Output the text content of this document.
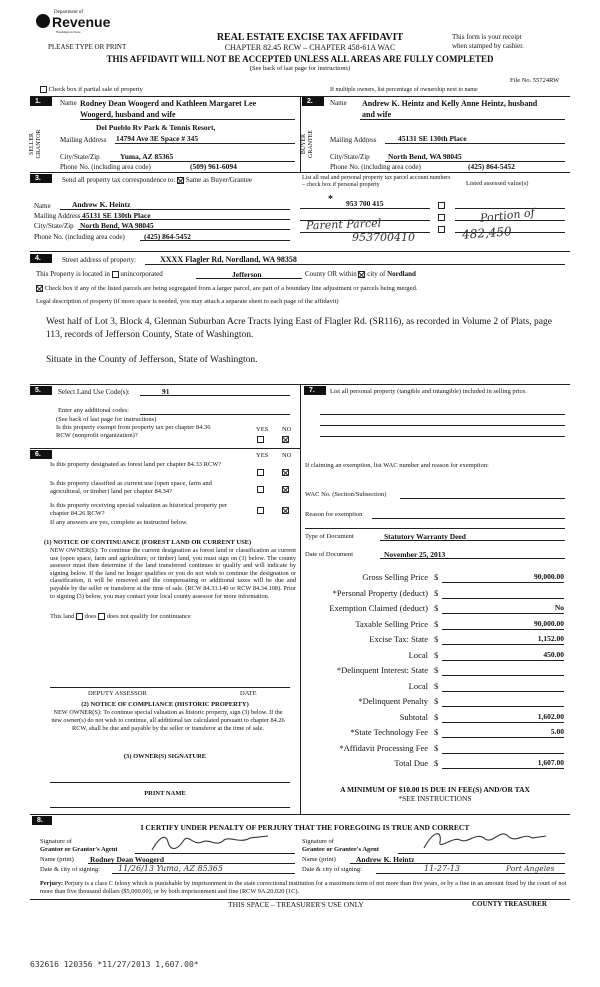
Department of
Revenue
Washington State
PLEASE TYPE OR PRINT
REAL ESTATE EXCISE TAX AFFIDAVIT
CHAPTER 82.45 RCW – CHAPTER 458-61A WAC
This form is your receipt
when stamped by cashier.
THIS AFFIDAVIT WILL NOT BE ACCEPTED UNLESS ALL AREAS ARE FULLY COMPLETED
(See back of last page for instructions)
File No. 55724RW
Check box if partial sale of property	If multiple owners, list percentage of ownership next to name
1.
SELLER GRANTOR
Name Rodney Dean Woogerd and Kathleen Margaret Lee
Woogerd, husband and wife
Del Pueblo Rv Park & Tennis Resort,
Mailing Address 14794 Ave 3E Space # 345
City/State/Zip	Yuma, AZ 85365
Phone No. (including area code)	(509) 961-6094
2.
BUYER GRANTEE
Name Andrew K. Heintz and Kelly Anne Heintz, husband
and wife
Mailing Address	45131 SE 130th Place
City/State/Zip North Bend, WA 98045
Phone No. (including area code)	(425) 864-5452
3.	Send all property tax correspondence to: Same as Buyer/Grantee
Name	Andrew K. Heintz
Mailing Address 45131 SE 130th Place
City/State/Zip North Bend, WA 98045
Phone No. (including area code)	(425) 864-5452
List all real and personal property tax parcel account numbers – check box if personal property	Listed assessed value(s)
* 953 700 415
Parent Parcel
953700410
Portion of
482,450
4.	Street address of property:	XXXX Flagler Rd, Nordland, WA 98358
This Property is located in unincorporated	Jefferson	County OR within city of Nordland
Check box if any of the listed parcels are being segregated from a larger parcel, are part of a boundary line adjustment or parcels being merged.
Legal description of property (if more space is needed, you may attach a separate sheet to each page of the affidavit)
West half of Lot 3, Block 4, Glennan Suburban Acre Tracts lying East of Flagler Rd. (SR116), as recorded in Volume 2 of Plats, page 113, records of Jefferson County, State of Washington.
Situate in the County of Jefferson, State of Washington.
5.	Select Land Use Code(s):	91
Enter any additional codes:
(See back of last page for instructions)
Is this property exempt from property tax per chapter 84.36 RCW (nonprofit organization)?
YES NO
6.	YES NO
Is this property designated as forest land per chapter 84.33 RCW?
Is this property classified as current use (open space, farm and agricultural, or timber) land per chapter 84.34?
Is this property receiving special valuation as historical property per chapter 84.26 RCW?
If any answers are yes, complete as instructed below.
(1) NOTICE OF CONTINUANCE (FOREST LAND OR CURRENT USE)
NEW OWNER(S): To continue the current designation as forest land or classification as current use (open space, farm and agriculture, or timber) land, you must sign on (3) below. The county assessor must then determine if the land transferred continues to qualify and will indicate by signing below. If the land no longer qualifies or you do not wish to continue the designation or classification, it will be removed and the compensating or additional taxes will be due and payable by the seller or transferor at the time of sale. (RCW 84.33.140 or RCW 84.34.108). Prior to signing (3) below, you may contact your local county assessor for more information.
This land does does not qualify for continuance
DEPUTY ASSESSOR	DATE
(2) NOTICE OF COMPLIANCE (HISTORIC PROPERTY)
NEW OWNER(S): To continue special valuation as historic property, sign (3) below. If the new owner(s) do not wish to continue, all additional tax calculated pursuant to chapter 84.26 RCW, shall be due and payable by the seller or transferor at the time of sale.
(3) OWNER(S) SIGNATURE
PRINT NAME
7.	List all personal property (tangible and intangible) included in selling price.
If claiming an exemption, list WAC number and reason for exemption:
WAC No. (Section/Subsection)
Reason for exemption
Type of Document	Statutory Warranty Deed
Date of Document	November 25, 2013
Gross Selling Price $	90,000.00
*Personal Property (deduct) $
Exemption Claimed (deduct) $	No
Taxable Selling Price $	90,000.00
Excise Tax: State $	1,152.00
Local $	450.00
*Delinquent Interest: State $
Local $
*Delinquent Penalty $
Subtotal $	1,602.00
*State Technology Fee $	5.00
*Affidavit Processing Fee $
Total Due $	1,607.00
A MINIMUM OF $10.00 IS DUE IN FEE(S) AND/OR TAX
*SEE INSTRUCTIONS
8.
I CERTIFY UNDER PENALTY OF PERJURY THAT THE FOREGOING IS TRUE AND CORRECT
Signature of
Grantor or Grantor's Agent
Name (print) Rodney Dean Woogerd
Date & city of signing: 11/26/13 Yuma, AZ 85365
Signature of
Grantee or Grantee's Agent
Name (print)	Andrew K. Heintz
Date & city of signing:	11-27-13	Port Angeles
Perjury: Perjury is a class C felony which is punishable by imprisonment in the state correctional institution for a maximum term of not more than five years, or by a fine in an amount fixed by the court of not more than five thousand dollars ($5,000.00), or by both imprisonment and fine (RCW 9A.20.020 (1C).
THIS SPACE – TREASURER'S USE ONLY	COUNTY TREASURER
632616 120356 *11/27/2013 1,607.00*
